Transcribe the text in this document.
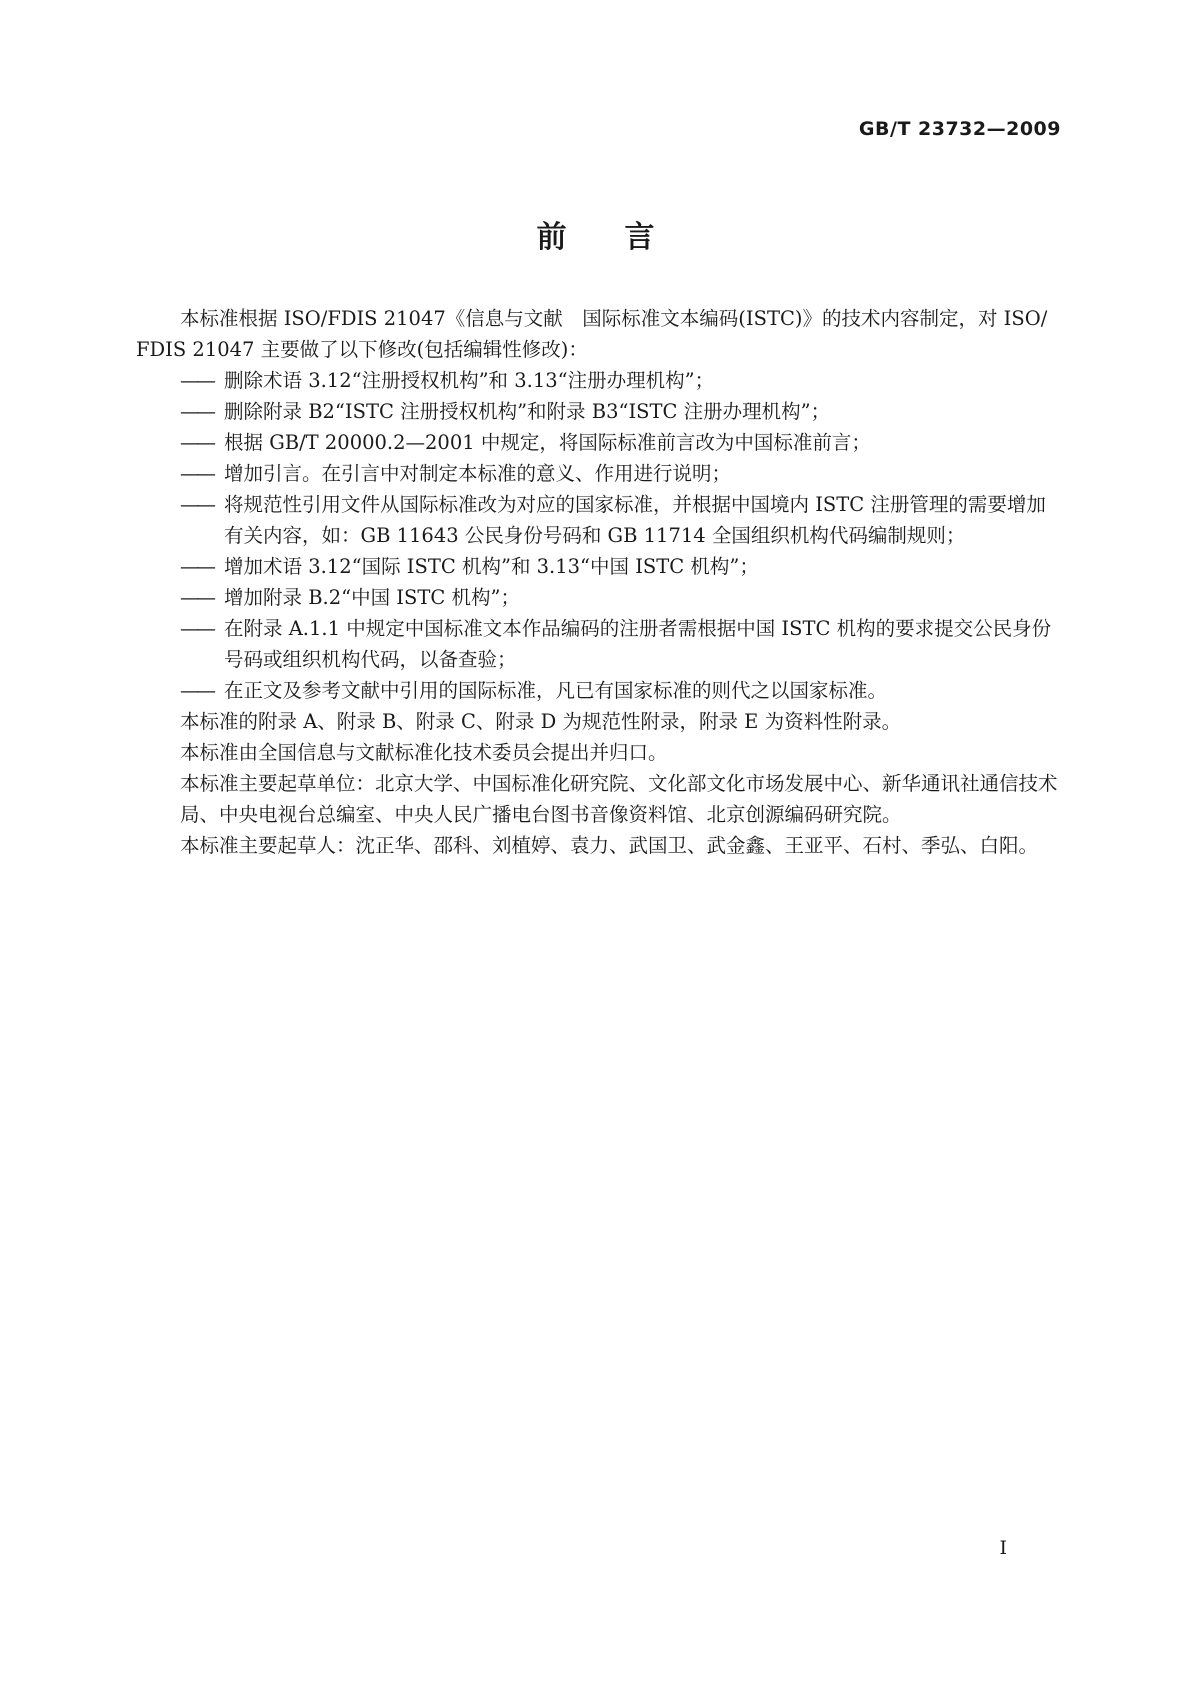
GB/T 23732—2009
前 言

本标准根据 ISO/FDIS 21047《信息与文献　国际标准文本编码(ISTC)》的技术内容制定，对 ISO/
FDIS 21047 主要做了以下修改(包括编辑性修改)：

—— 删除术语 3.12“注册授权机构”和 3.13“注册办理机构”；
—— 删除附录 B2“ISTC 注册授权机构”和附录 B3“ISTC 注册办理机构”；
—— 根据 GB/T 20000.2—2001 中规定，将国际标准前言改为中国标准前言；
—— 增加引言。在引言中对制定本标准的意义、作用进行说明；
—— 将规范性引用文件从国际标准改为对应的国家标准，并根据中国境内 ISTC 注册管理的需要增加有关内容，如：GB 11643 公民身份号码和 GB 11714 全国组织机构代码编制规则；
—— 增加术语 3.12“国际 ISTC 机构”和 3.13“中国 ISTC 机构”；
—— 增加附录 B.2“中国 ISTC 机构”；
—— 在附录 A.1.1 中规定中国标准文本作品编码的注册者需根据中国 ISTC 机构的要求提交公民身份号码或组织机构代码，以备查验；
—— 在正文及参考文献中引用的国际标准，凡已有国家标准的则代之以国家标准。

本标准的附录 A、附录 B、附录 C、附录 D 为规范性附录，附录 E 为资料性附录。

本标准由全国信息与文献标准化技术委员会提出并归口。

本标准主要起草单位：北京大学、中国标准化研究院、文化部文化市场发展中心、新华通讯社通信技术局、中央电视台总编室、中央人民广播电台图书音像资料馆、北京创源编码研究院。

本标准主要起草人：沈正华、邵科、刘植婷、袁力、武国卫、武金鑫、王亚平、石村、季弘、白阳。

I
